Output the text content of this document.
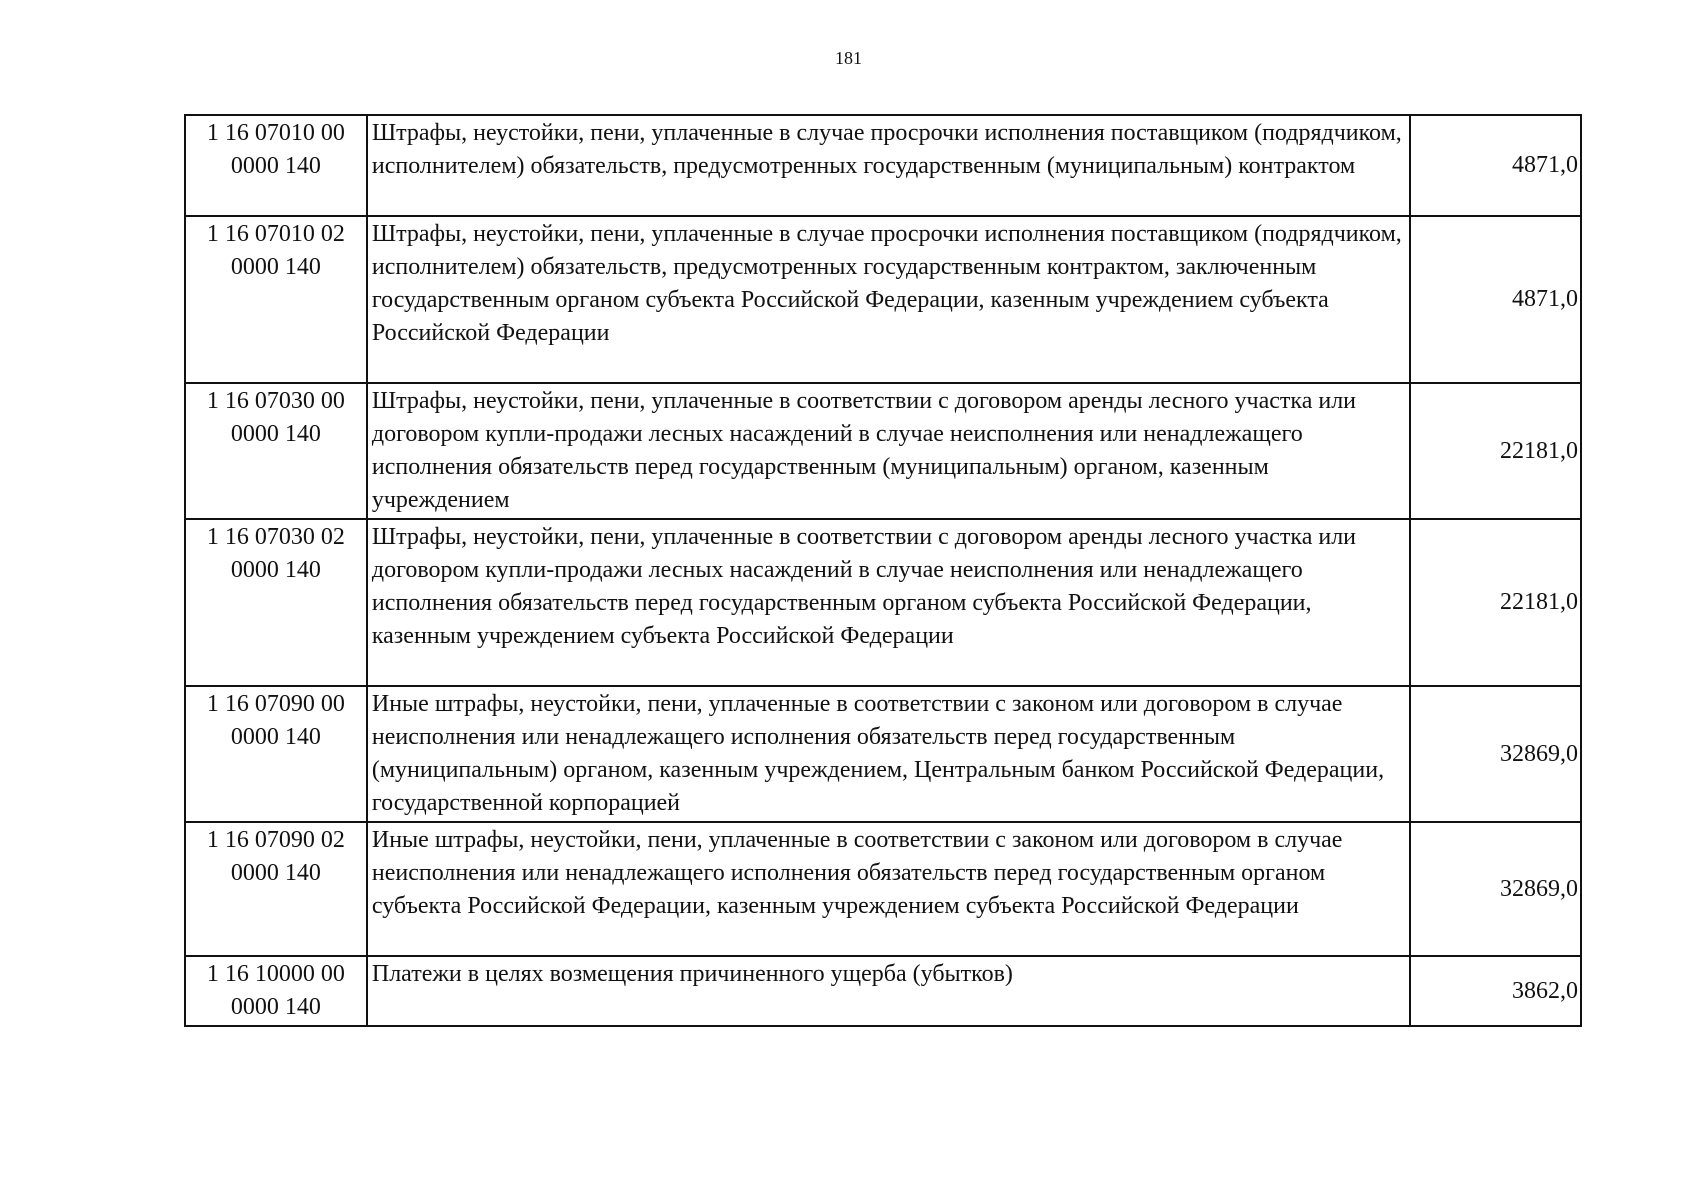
181
1 16 07010 00 0000 140	Штрафы, неустойки, пени, уплаченные в случае просрочки исполнения поставщиком (подрядчиком, исполнителем) обязательств, предусмотренных государственным (муниципальным) контрактом	4871,0
1 16 07010 02 0000 140	Штрафы, неустойки, пени, уплаченные в случае просрочки исполнения поставщиком (подрядчиком, исполнителем) обязательств, предусмотренных государственным контрактом, заключенным государственным органом субъекта Российской Федерации, казенным учреждением субъекта Российской Федерации	4871,0
1 16 07030 00 0000 140	Штрафы, неустойки, пени, уплаченные в соответствии с договором аренды лесного участка или договором купли-продажи лесных насаждений в случае неисполнения или ненадлежащего исполнения обязательств перед государственным (муниципальным) органом, казенным учреждением	22181,0
1 16 07030 02 0000 140	Штрафы, неустойки, пени, уплаченные в соответствии с договором аренды лесного участка или договором купли-продажи лесных насаждений в случае неисполнения или ненадлежащего исполнения обязательств перед государственным органом субъекта Российской Федерации, казенным учреждением субъекта Российской Федерации	22181,0
1 16 07090 00 0000 140	Иные штрафы, неустойки, пени, уплаченные в соответствии с законом или договором в случае неисполнения или ненадлежащего исполнения обязательств перед государственным (муниципальным) органом, казенным учреждением, Центральным банком Российской Федерации, государственной корпорацией	32869,0
1 16 07090 02 0000 140	Иные штрафы, неустойки, пени, уплаченные в соответствии с законом или договором в случае неисполнения или ненадлежащего исполнения обязательств перед государственным органом субъекта Российской Федерации, казенным учреждением субъекта Российской Федерации	32869,0
1 16 10000 00 0000 140	Платежи в целях возмещения причиненного ущерба (убытков)	3862,0
